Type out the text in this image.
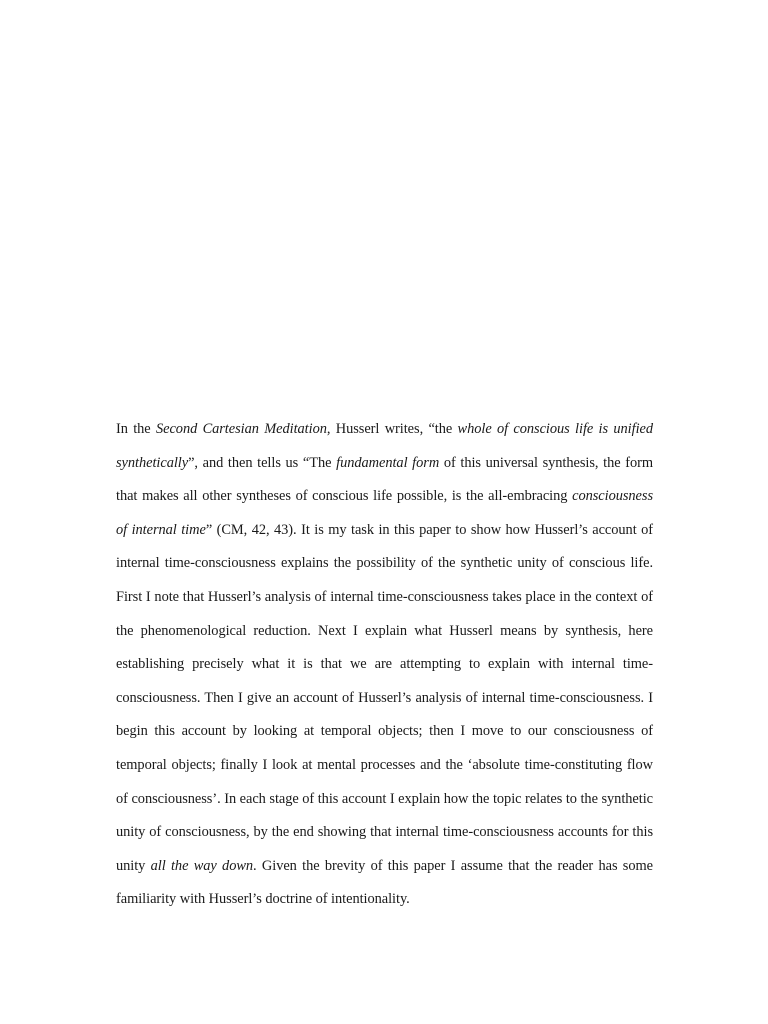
In the Second Cartesian Meditation, Husserl writes, “the whole of conscious life is unified synthetically”, and then tells us “The fundamental form of this universal synthesis, the form that makes all other syntheses of conscious life possible, is the all-embracing consciousness of internal time” (CM, 42, 43). It is my task in this paper to show how Husserl’s account of internal time-consciousness explains the possibility of the synthetic unity of conscious life. First I note that Husserl’s analysis of internal time-consciousness takes place in the context of the phenomenological reduction. Next I explain what Husserl means by synthesis, here establishing precisely what it is that we are attempting to explain with internal time-consciousness. Then I give an account of Husserl’s analysis of internal time-consciousness. I begin this account by looking at temporal objects; then I move to our consciousness of temporal objects; finally I look at mental processes and the ‘absolute time-constituting flow of consciousness’. In each stage of this account I explain how the topic relates to the synthetic unity of consciousness, by the end showing that internal time-consciousness accounts for this unity all the way down. Given the brevity of this paper I assume that the reader has some familiarity with Husserl’s doctrine of intentionality.
